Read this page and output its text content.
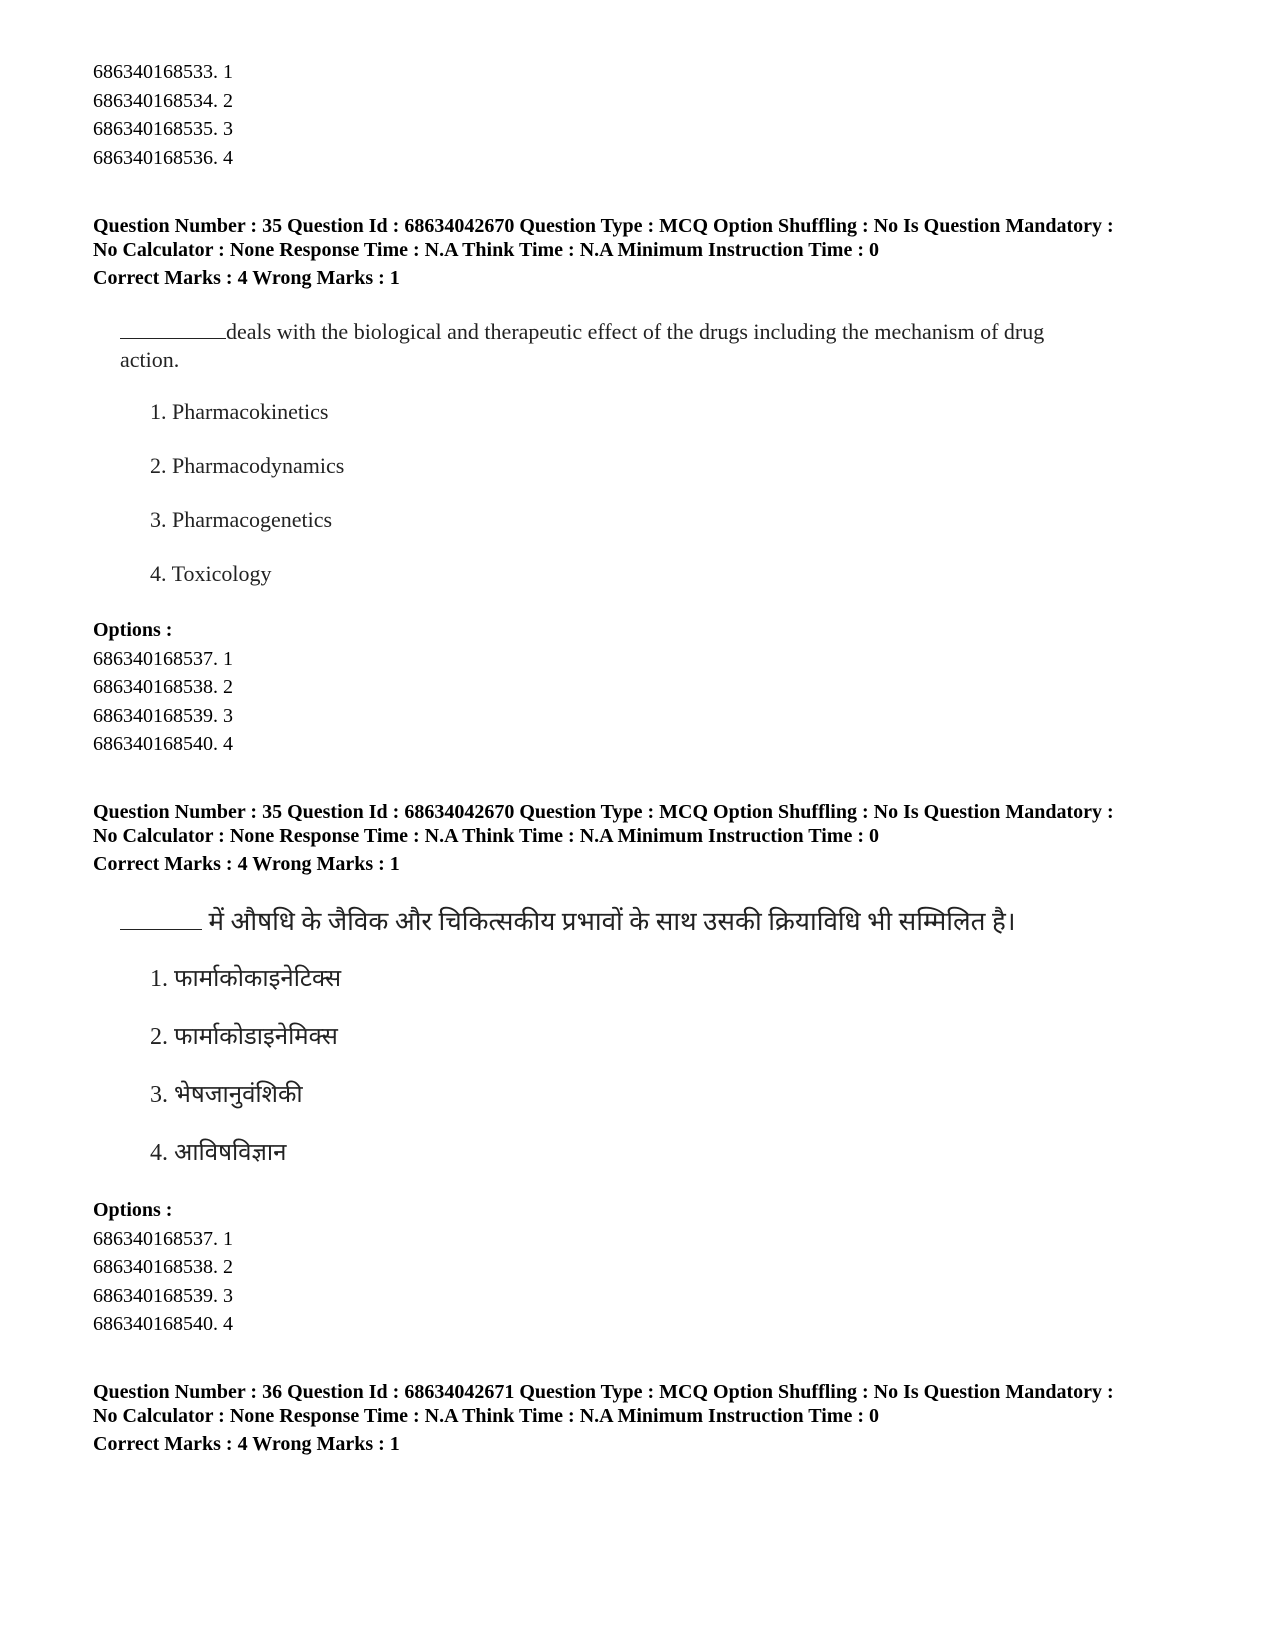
686340168533. 1
686340168534. 2
686340168535. 3
686340168536. 4
Question Number : 35 Question Id : 68634042670 Question Type : MCQ Option Shuffling : No Is Question Mandatory :
No Calculator : None Response Time : N.A Think Time : N.A Minimum Instruction Time : 0
Correct Marks : 4 Wrong Marks : 1
deals with the biological and therapeutic effect of the drugs including the mechanism of drug
action.
1. Pharmacokinetics
2. Pharmacodynamics
3. Pharmacogenetics
4. Toxicology
Options :
686340168537. 1
686340168538. 2
686340168539. 3
686340168540. 4
Question Number : 35 Question Id : 68634042670 Question Type : MCQ Option Shuffling : No Is Question Mandatory :
No Calculator : None Response Time : N.A Think Time : N.A Minimum Instruction Time : 0
Correct Marks : 4 Wrong Marks : 1
में औषधि के जैविक और चिकित्सकीय प्रभावों के साथ उसकी क्रियाविधि भी सम्मिलित है।
1. फार्माकोकाइनेटिक्स
2. फार्माकोडाइनेमिक्स
3. भेषजानुवंशिकी
4. आविषविज्ञान
Options :
686340168537. 1
686340168538. 2
686340168539. 3
686340168540. 4
Question Number : 36 Question Id : 68634042671 Question Type : MCQ Option Shuffling : No Is Question Mandatory :
No Calculator : None Response Time : N.A Think Time : N.A Minimum Instruction Time : 0
Correct Marks : 4 Wrong Marks : 1
